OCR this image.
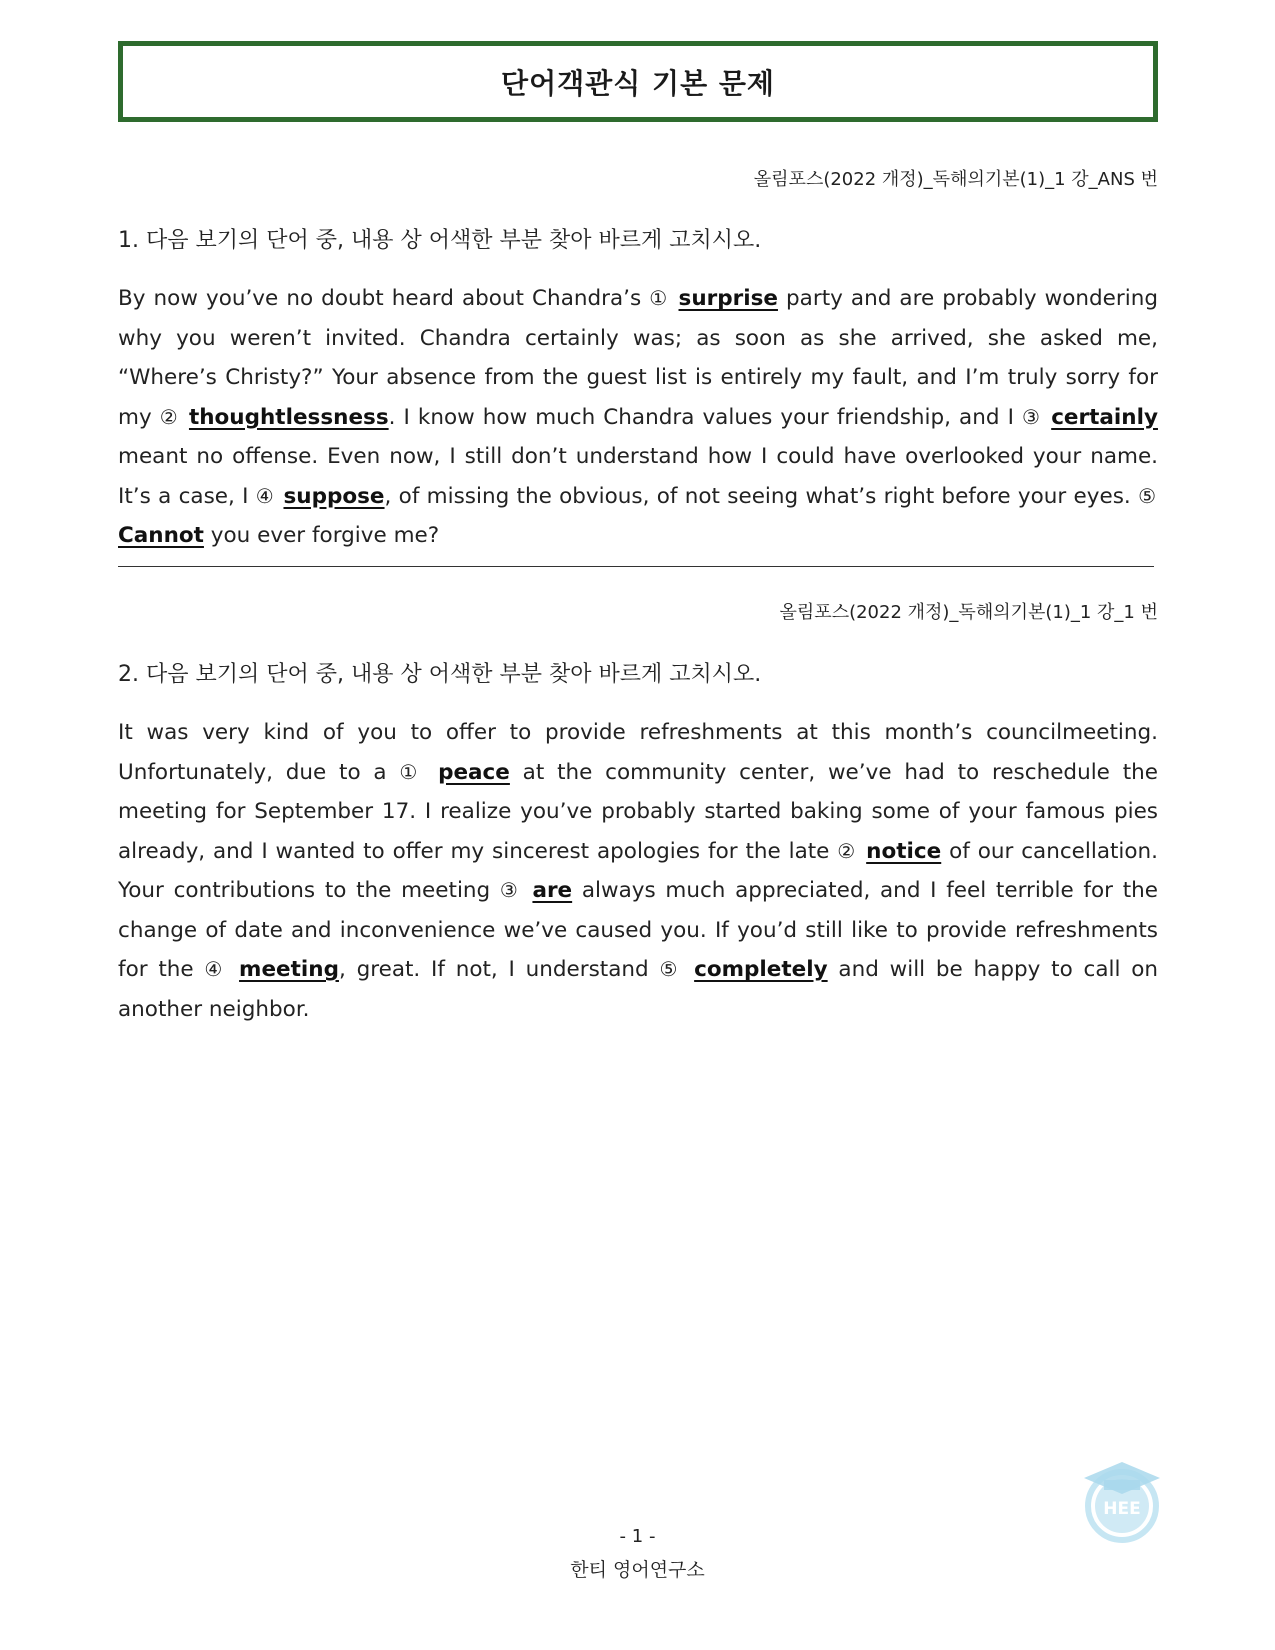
단어객관식 기본 문제
올림포스(2022 개정)_독해의기본(1)_1 강_ANS 번
1. 다음 보기의 단어 중, 내용 상 어색한 부분 찾아 바르게 고치시오.

By now you’ve no doubt heard about Chandra’s ① surprise party and are probably wondering why you weren’t invited. Chandra certainly was; as soon as she arrived, she asked me, “Where’s Christy?” Your absence from the guest list is entirely my fault, and I’m truly sorry for my ② thoughtlessness. I know how much Chandra values your friendship, and I ③ certainly meant no offense. Even now, I still don’t understand how I could have overlooked your name. It’s a case, I ④ suppose, of missing the obvious, of not seeing what’s right before your eyes. ⑤ Cannot you ever forgive me?

올림포스(2022 개정)_독해의기본(1)_1 강_1 번
2. 다음 보기의 단어 중, 내용 상 어색한 부분 찾아 바르게 고치시오.

It was very kind of you to offer to provide refreshments at this month’s councilmeeting. Unfortunately, due to a ① peace at the community center, we’ve had to reschedule the meeting for September 17. I realize you’ve probably started baking some of your famous pies already, and I wanted to offer my sincerest apologies for the late ② notice of our cancellation. Your contributions to the meeting ③ are always much appreciated, and I feel terrible for the change of date and inconvenience we’ve caused you. If you’d still like to provide refreshments for the ④ meeting, great. If not, I understand ⑤ completely and will be happy to call on another neighbor.

- 1 -
한티 영어연구소
HEE
